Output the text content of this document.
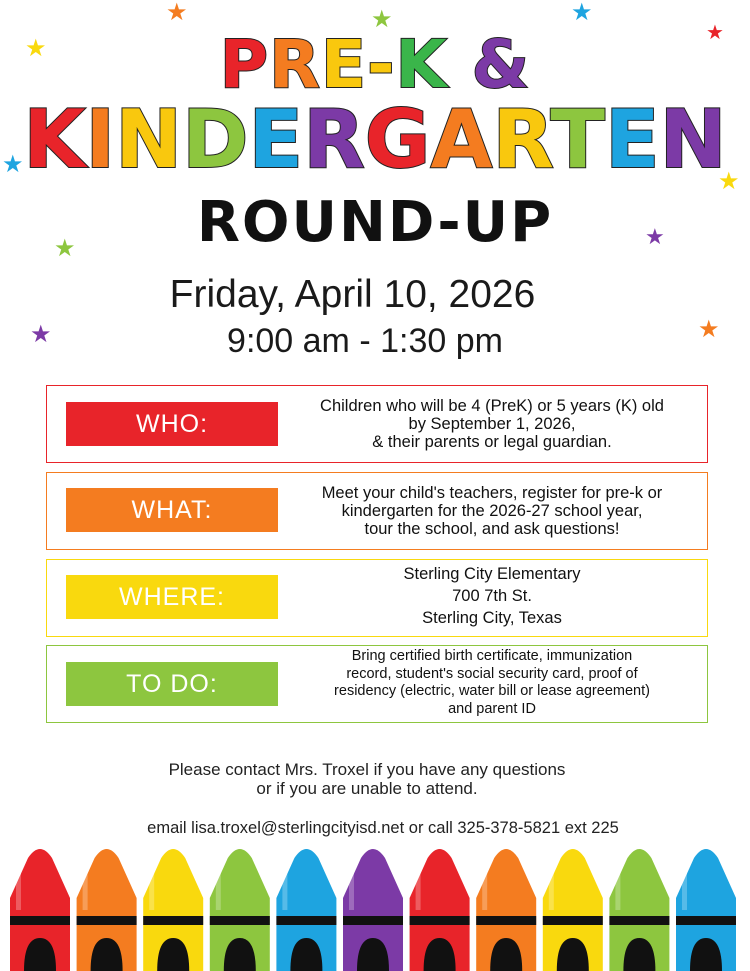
★	★	★
★
★
★
★
★	★
★	★
PRE-K &
KINDERGARTEN
ROUND-UP
Friday, April 10, 2026
9:00 am - 1:30 pm
WHO:
Children who will be 4 (PreK) or 5 years (K) old
by September 1, 2026,
& their parents or legal guardian.
WHAT:
Meet your child's teachers, register for pre-k or
kindergarten for the 2026-27 school year,
tour the school, and ask questions!
WHERE:
Sterling City Elementary
700 7th St.
Sterling City, Texas
TO DO:
Bring certified birth certificate, immunization
record, student's social security card, proof of
residency (electric, water bill or lease agreement)
and parent ID
Please contact Mrs. Troxel if you have any questions
or if you are unable to attend.
email lisa.troxel@sterlingcityisd.net or call 325-378-5821 ext 225
